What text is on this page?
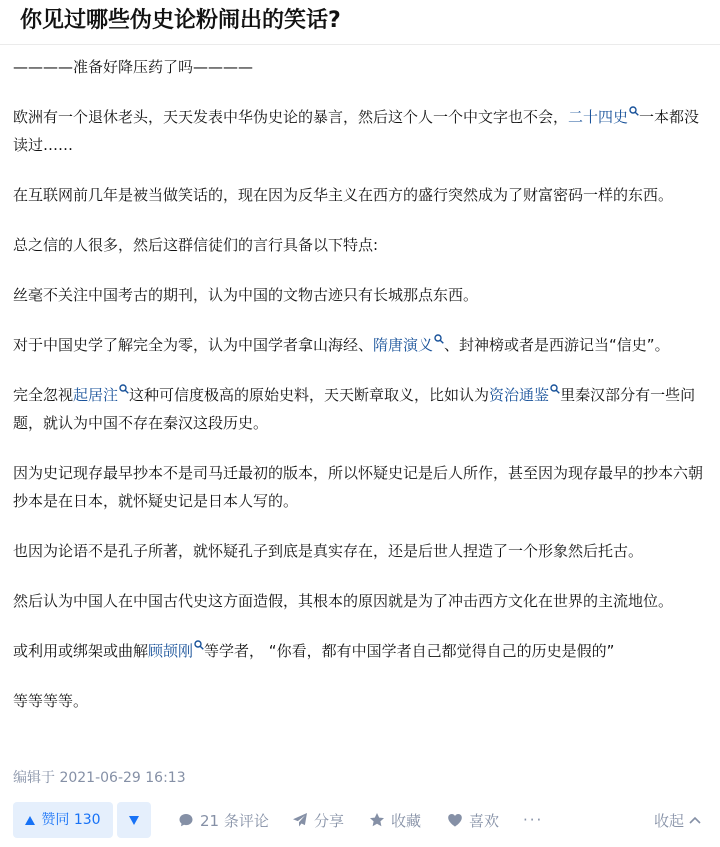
你见过哪些伪史论粉闹出的笑话?

————准备好降压药了吗————

欧洲有一个退休老头，天天发表中华伪史论的暴言，然后这个人一个中文字也不会，二十四史 一本都没读过……

在互联网前几年是被当做笑话的，现在因为反华主义在西方的盛行突然成为了财富密码一样的东西。

总之信的人很多，然后这群信徒们的言行具备以下特点:

丝毫不关注中国考古的期刊，认为中国的文物古迹只有长城那点东西。

对于中国史学了解完全为零，认为中国学者拿山海经、隋唐演义 、封神榜或者是西游记当“信史”。

完全忽视起居注 这种可信度极高的原始史料，天天断章取义，比如认为资治通鉴 里秦汉部分有一些问题，就认为中国不存在秦汉这段历史。

因为史记现存最早抄本不是司马迁最初的版本，所以怀疑史记是后人所作，甚至因为现存最早的抄本六朝抄本是在日本，就怀疑史记是日本人写的。

也因为论语不是孔子所著，就怀疑孔子到底是真实存在，还是后世人捏造了一个形象然后托古。

然后认为中国人在中国古代史这方面造假，其根本的原因就是为了冲击西方文化在世界的主流地位。

或利用或绑架或曲解顾颉刚 等学者， “你看，都有中国学者自己都觉得自己的历史是假的”

等等等等。

编辑于 2021-06-29 16:13
赞同 130	21 条评论	分享	收藏	喜欢 ···	收起
